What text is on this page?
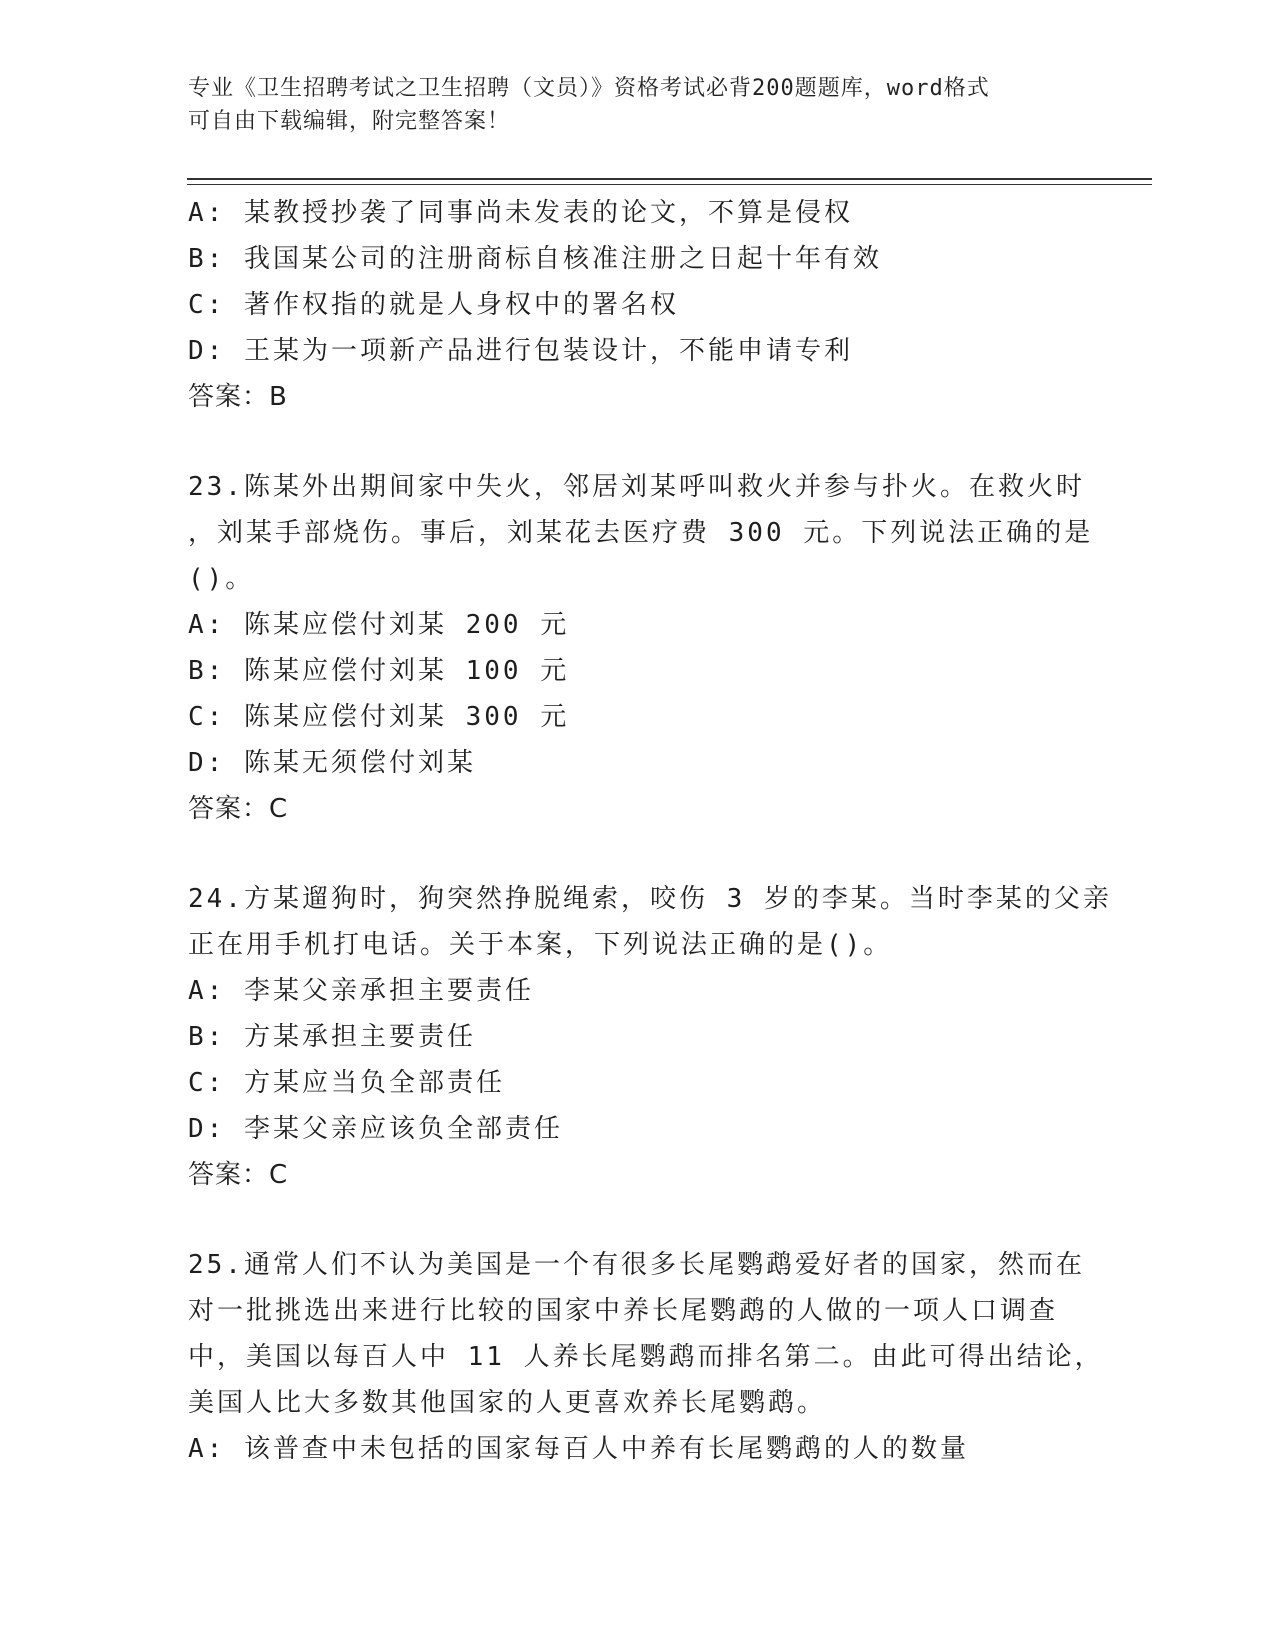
专业《卫生招聘考试之卫生招聘（文员）》资格考试必背200题题库，word格式
可自由下载编辑，附完整答案！
A: 某教授抄袭了同事尚未发表的论文，不算是侵权
B: 我国某公司的注册商标自核准注册之日起十年有效
C: 著作权指的就是人身权中的署名权
D: 王某为一项新产品进行包装设计，不能申请专利
答案：B
23.陈某外出期间家中失火，邻居刘某呼叫救火并参与扑火。在救火时
，刘某手部烧伤。事后，刘某花去医疗费 300 元。下列说法正确的是
()。
A: 陈某应偿付刘某 200 元
B: 陈某应偿付刘某 100 元
C: 陈某应偿付刘某 300 元
D: 陈某无须偿付刘某
答案：C
24.方某遛狗时，狗突然挣脱绳索，咬伤 3 岁的李某。当时李某的父亲
正在用手机打电话。关于本案，下列说法正确的是()。
A: 李某父亲承担主要责任
B: 方某承担主要责任
C: 方某应当负全部责任
D: 李某父亲应该负全部责任
答案：C
25.通常人们不认为美国是一个有很多长尾鹦鹉爱好者的国家，然而在
对一批挑选出来进行比较的国家中养长尾鹦鹉的人做的一项人口调查
中，美国以每百人中 11 人养长尾鹦鹉而排名第二。由此可得出结论，
美国人比大多数其他国家的人更喜欢养长尾鹦鹉。
A: 该普查中未包括的国家每百人中养有长尾鹦鹉的人的数量
